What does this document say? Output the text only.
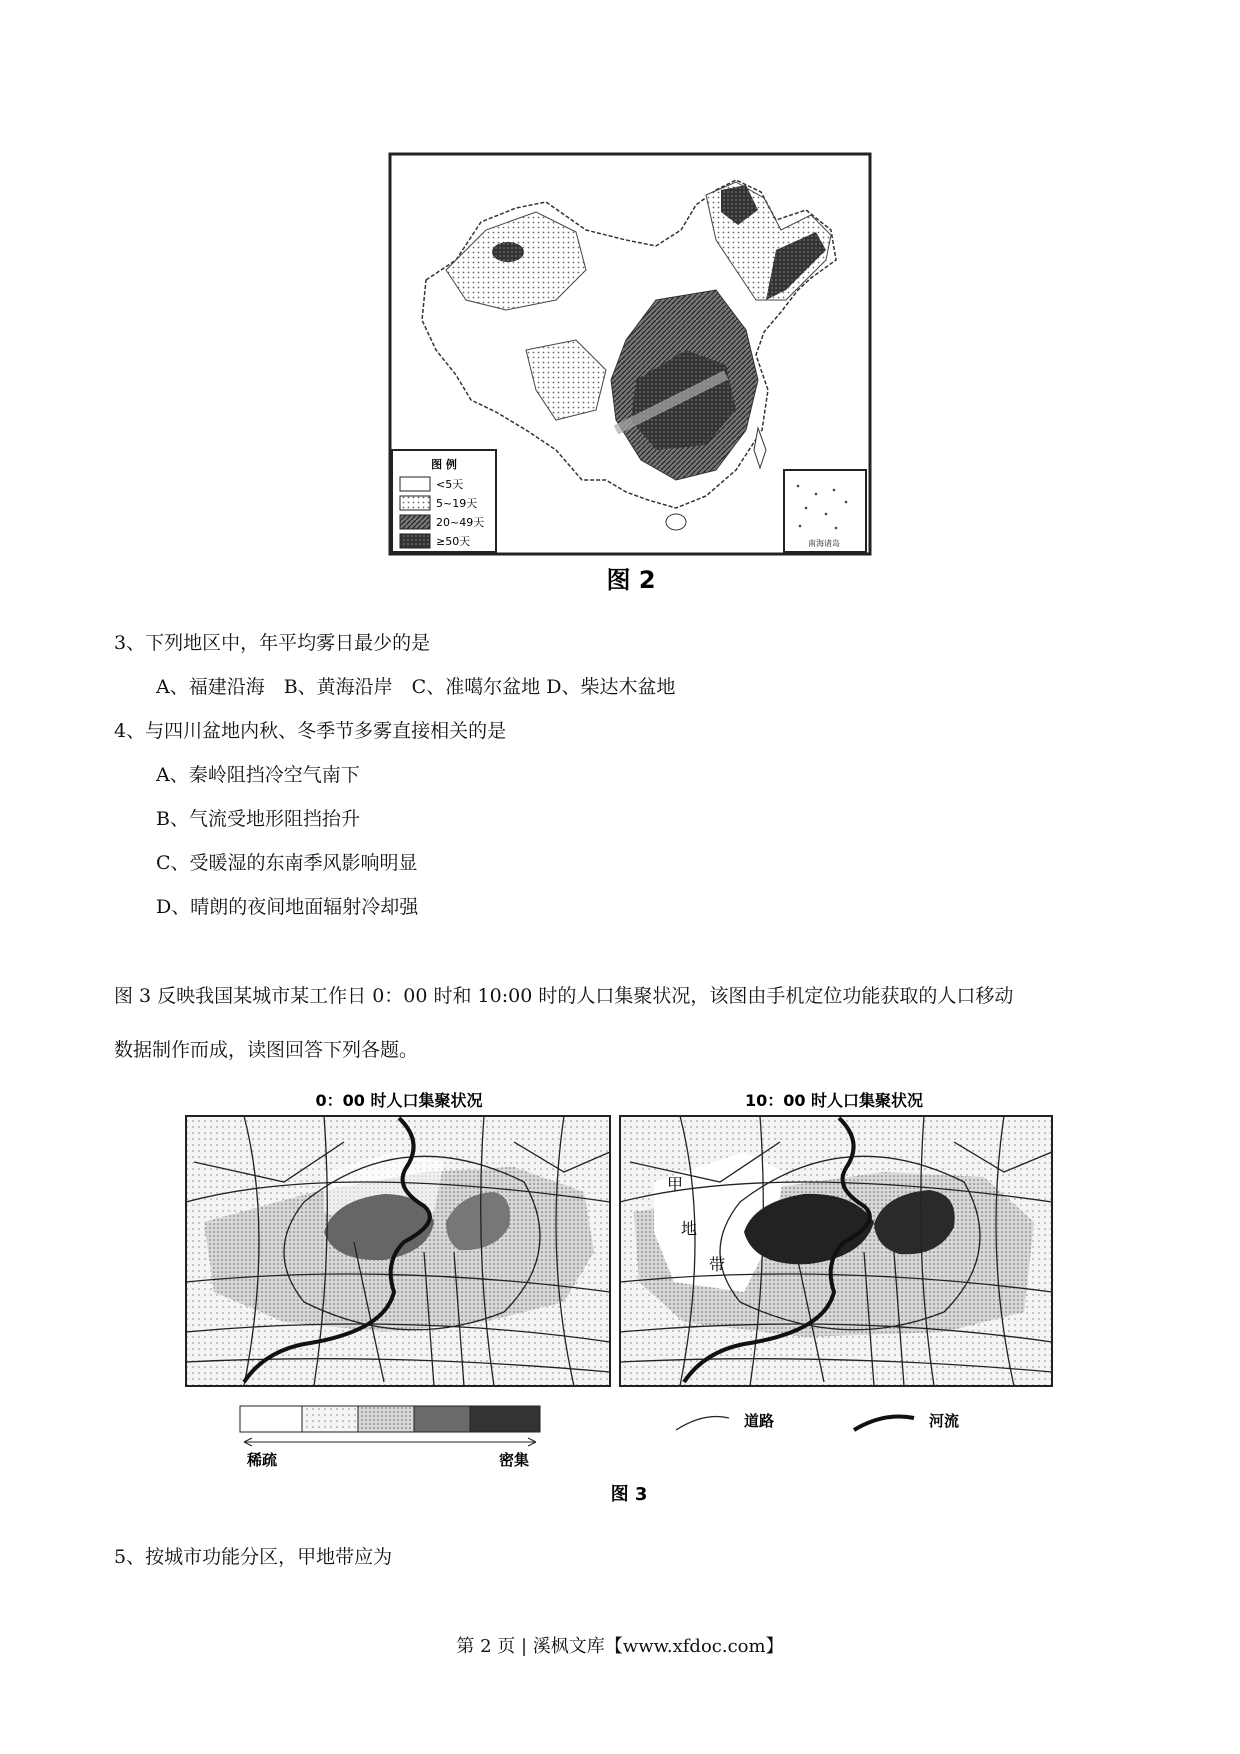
南海诸岛
图 例
<5天
5~19天
20~49天
≥50天
图 2
3、下列地区中，年平均雾日最少的是
A、福建沿海　B、黄海沿岸　C、准噶尔盆地 D、柴达木盆地
4、与四川盆地内秋、冬季节多雾直接相关的是
A、秦岭阻挡冷空气南下
B、气流受地形阻挡抬升
C、受暖湿的东南季风影响明显
D、晴朗的夜间地面辐射冷却强
图 3 反映我国某城市某工作日 0：00 时和 10:00 时的人口集聚状况，该图由手机定位功能获取的人口移动
数据制作而成，读图回答下列各题。
0：00 时人口集聚状况	10：00 时人口集聚状况
甲
地
带
稀疏	密集
道路	河流
图 3
5、按城市功能分区，甲地带应为
第 2 页 | 溪枫文库【www.xfdoc.com】
